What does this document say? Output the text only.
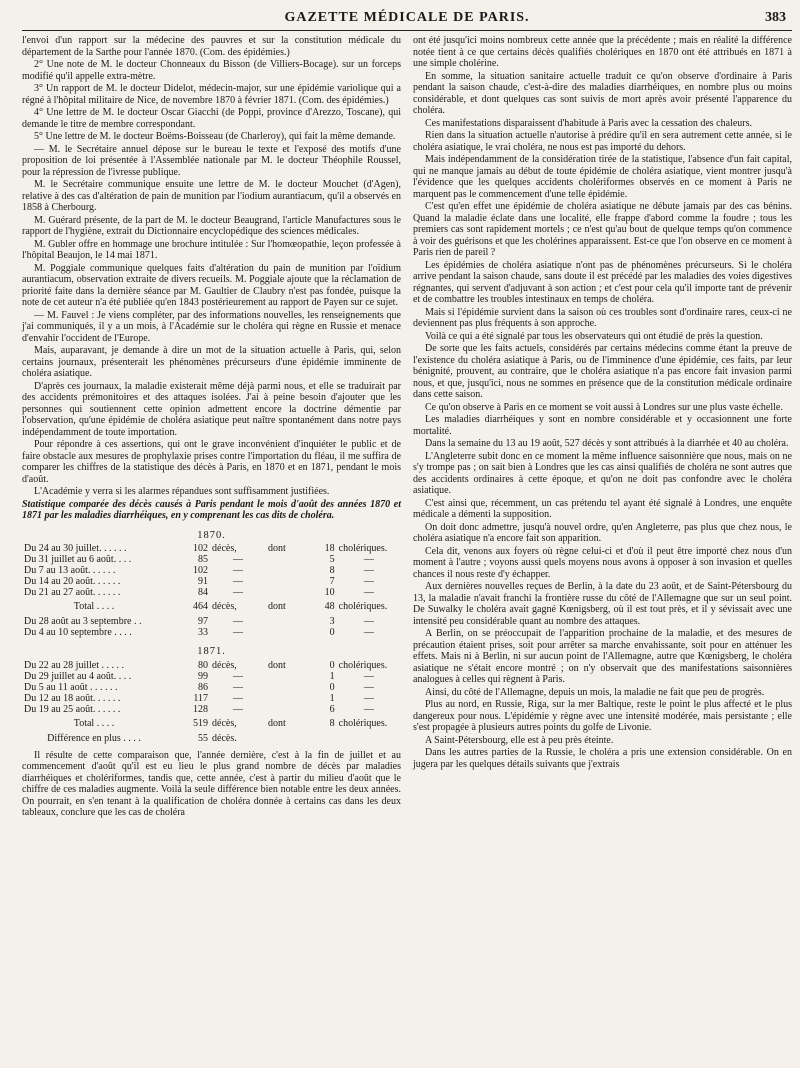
GAZETTE MÉDICALE DE PARIS.	383

l'envoi d'un rapport sur la médecine des pauvres et sur la constitution médicale du département de la Sarthe pour l'année 1870. (Com. des épidémies.)

2° Une note de M. le docteur Chonneaux du Bisson (de Villiers-Bocage). sur un forceps modifié qu'il appelle extra-mètre.

3° Un rapport de M. le docteur Didelot, médecin-major, sur une épidémie variolique qui a régné à l'hôpital militaire de Nice, de novembre 1870 à février 1871. (Com. des épidémies.)

4° Une lettre de M. le docteur Oscar Giacchi (de Poppi, province d'Arezzo, Toscane), qui demande le titre de membre correspondant.

5° Une lettre de M. le docteur Boëms-Boisseau (de Charleroy), qui fait la même demande.

— M. le Secrétaire annuel dépose sur le bureau le texte et l'exposé des motifs d'une proposition de loi présentée à l'Assemblée nationale par M. le docteur Théophile Roussel, pour la répression de l'ivresse publique.

M. le Secrétaire communique ensuite une lettre de M. le docteur Mouchet (d'Agen), relative à des cas d'altération de pain de munition par l'iodium aurantiacum, qu'il a observés en 1858 à Cherbourg.

M. Guérard présente, de la part de M. le docteur Beaugrand, l'article Manufactures sous le rapport de l'hygiène, extrait du Dictionnaire encyclopédique des sciences médicales.

M. Gubler offre en hommage une brochure intitulée : Sur l'homœopathie, leçon professée à l'hôpital Beaujon, le 14 mai 1871.

M. Poggiale communique quelques faits d'altération du pain de munition par l'oïdium aurantiacum, observation extraite de divers recueils. M. Poggiale ajoute que la réclamation de priorité faite dans la dernière séance par M. Gaultier de Claubry n'est pas fondée, puisque la note de cet auteur n'a été publiée qu'en 1843 postérieurement au rapport de Payen sur ce sujet.

— M. Fauvel : Je viens compléter, par des informations nouvelles, les renseignements que j'ai communiqués, il y a un mois, à l'Académie sur le choléra qui règne en Russie et menace d'envahir l'occident de l'Europe.

Mais, auparavant, je demande à dire un mot de la situation actuelle à Paris, qui, selon certains journaux, présenterait les phénomènes précurseurs d'une épidémie imminente de choléra asiatique.

D'après ces journaux, la maladie existerait même déjà parmi nous, et elle se traduirait par des accidents prémonitoires et des attaques isolées. J'ai à peine besoin d'ajouter que les personnes qui soutiennent cette opinion admettent encore la doctrine démentie par l'observation, qu'une épidémie de choléra asiatique peut naître spontanément dans notre pays indépendamment de toute importation.

Pour répondre à ces assertions, qui ont le grave inconvénient d'inquiéter le public et de faire obstacle aux mesures de prophylaxie prises contre l'importation du fléau, il me suffira de comparer les chiffres de la statistique des décès à Paris, en 1870 et en 1871, pendant le mois d'août.

L'Académie y verra si les alarmes répandues sont suffisamment justifiées.

Statistique comparée des décès causés à Paris pendant le mois d'août des années 1870 et 1871 par les maladies diarrhéiques, en y comprenant les cas dits de choléra.

1870.
Du 24 au 30 juillet. . . . . .	102	décès,	dont	18	cholériques.
Du 31 juillet au 6 août. . . .	85	—		5	—
Du 7 au 13 août. . . . . .	102	—		8	—
Du 14 au 20 août. . . . . .	91	—		7	—
Du 21 au 27 août. . . . . .	84	—		10	—
Total . . . .	464	décès,	dont	48	cholériques.
Du 28 août au 3 septembre . .	97	—		3	—
Du 4 au 10 septembre . . . .	33	—		0	—
1871.
Du 22 au 28 juillet . . . . .	80	décès,	dont	0	cholériques.
Du 29 juillet au 4 août. . . .	99	—		1	—
Du 5 au 11 août . . . . . .	86	—		0	—
Du 12 au 18 août. . . . . .	117	—		1	—
Du 19 au 25 août. . . . . .	128	—		6	—
Total . . . .	519	décès,	dont	8	cholériques.
Différence en plus . . . .	55	décès.			

Il résulte de cette comparaison que, l'année dernière, c'est à la fin de juillet et au commencement d'août qu'il est eu lieu le plus grand nombre de décès par maladies diarrhéiques et cholériformes, tandis que, cette année, c'est à partir du milieu d'août que le chiffre de ces maladies augmente. Voilà la seule différence bien notable entre les deux années. On pourrait, en s'en tenant à la qualification de choléra donnée à certains cas dans les deux tableaux, conclure que les cas de choléra

ont été jusqu'ici moins nombreux cette année que la précédente ; mais en réalité la différence notée tient à ce que certains décès qualifiés cholériques en 1870 ont été attribués en 1871 à une simple cholérine.

En somme, la situation sanitaire actuelle traduit ce qu'on observe d'ordinaire à Paris pendant la saison chaude, c'est-à-dire des maladies diarrhéiques, en nombre plus ou moins considérable, et dont quelques cas sont suivis de mort après avoir présenté l'apparence du choléra.

Ces manifestations disparaissent d'habitude à Paris avec la cessation des chaleurs.

Rien dans la situation actuelle n'autorise à prédire qu'il en sera autrement cette année, si le choléra asiatique, le vrai choléra, ne nous est pas importé du dehors.

Mais indépendamment de la considération tirée de la statistique, l'absence d'un fait capital, qui ne manque jamais au début de toute épidémie de choléra asiatique, vient montrer jusqu'à l'évidence que les quelques accidents cholériformes observés en ce moment à Paris ne marquent pas le commencement d'une telle épidémie.

C'est qu'en effet une épidémie de choléra asiatique ne débute jamais par des cas bénins. Quand la maladie éclate dans une localité, elle frappe d'abord comme la foudre ; tous les premiers cas sont rapidement mortels ; ce n'est qu'au bout de quelque temps qu'on commence à voir des guérisons et que les cholérines apparaissent. Est-ce que l'on observe en ce moment à Paris rien de pareil ?

Les épidémies de choléra asiatique n'ont pas de phénomènes précurseurs. Si le choléra arrive pendant la saison chaude, sans doute il est précédé par les maladies des voies digestives régnantes, qui servent d'adjuvant à son action ; et c'est pour cela qu'il importe tant de prévenir et de combattre les troubles intestinaux en temps de choléra.

Mais si l'épidémie survient dans la saison où ces troubles sont d'ordinaire rares, ceux-ci ne deviennent pas plus fréquents à son approche.

Voilà ce qui a été signalé par tous les observateurs qui ont étudié de près la question.

De sorte que les faits actuels, considérés par certains médecins comme étant la preuve de l'existence du choléra asiatique à Paris, ou de l'imminence d'une épidémie, ces faits, par leur bénignité, prouvent, au contraire, que le choléra asiatique n'a pas encore fait invasion parmi nous, et que, jusqu'ici, nous ne sommes en présence que de la constitution médicale ordinaire dans cette saison.

Ce qu'on observe à Paris en ce moment se voit aussi à Londres sur une plus vaste échelle.

Les maladies diarrhéiques y sont en nombre considérable et y occasionnent une forte mortalité.

Dans la semaine du 13 au 19 août, 527 décès y sont attribués à la diarrhée et 40 au choléra.

L'Angleterre subit donc en ce moment la même influence saisonnière que nous, mais on ne s'y trompe pas ; on sait bien à Londres que les cas ainsi qualifiés de choléra ne sont autres que des accidents ordinaires à cette époque, et qu'on ne doit pas confondre avec le choléra asiatique.

C'est ainsi que, récemment, un cas prétendu tel ayant été signalé à Londres, une enquête médicale a démenti la supposition.

On doit donc admettre, jusqu'à nouvel ordre, qu'en Angleterre, pas plus que chez nous, le choléra asiatique n'a encore fait son apparition.

Cela dit, venons aux foyers où règne celui-ci et d'où il peut être importé chez nous d'un moment à l'autre ; voyons aussi quels moyens nous avons à opposer à son invasion et quelles chances il nous reste d'y échapper.

Aux dernières nouvelles reçues de Berlin, à la date du 23 août, et de Saint-Pétersbourg du 13, la maladie n'avait franchi la frontière russe du côté de l'Allemagne que sur un seul point. De Suwalky le choléra avait gagné Kœnigsberg, où il est tout près, et il y sévissait avec une intensité peu considérable quant au nombre des attaques.

A Berlin, on se préoccupait de l'apparition prochaine de la maladie, et des mesures de précaution étaient prises, soit pour arrêter sa marche envahissante, soit pour en atténuer les effets. Mais ni à Berlin, ni sur aucun point de l'Allemagne, autre que Kœnigsberg, le choléra asiatique ne s'était encore montré ; on n'y observait que des manifestations saisonnières analogues à celles qui règnent à Paris.

Ainsi, du côté de l'Allemagne, depuis un mois, la maladie ne fait que peu de progrès.

Plus au nord, en Russie, Riga, sur la mer Baltique, reste le point le plus affecté et le plus dangereux pour nous. L'épidémie y règne avec une intensité modérée, mais persistante ; elle s'est propagée à plusieurs autres points du golfe de Livonie.

A Saint-Pétersbourg, elle est à peu près éteinte.

Dans les autres parties de la Russie, le choléra a pris une extension considérable. On en jugera par les quelques détails suivants que j'extrais
